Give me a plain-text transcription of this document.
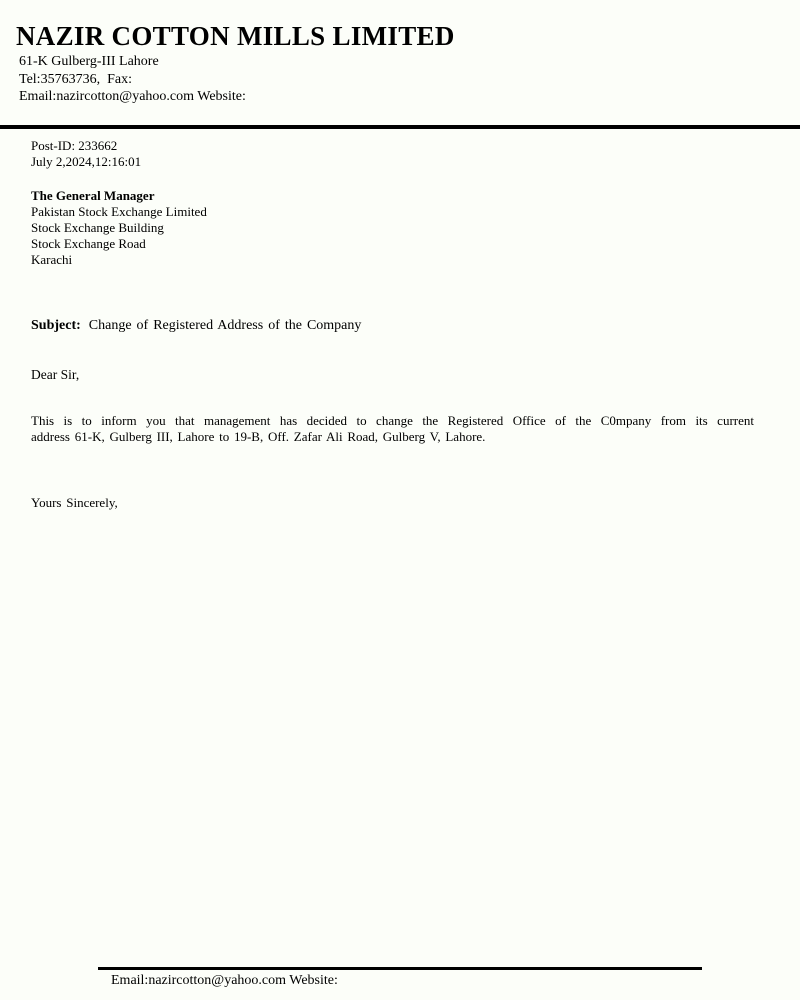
NAZIR COTTON MILLS LIMITED
61-K Gulberg-III Lahore
Tel:35763736,  Fax:
Email:nazircotton@yahoo.com Website:
Post-ID: 233662
July 2,2024,12:16:01
The General Manager
Pakistan Stock Exchange Limited
Stock Exchange Building
Stock Exchange Road
Karachi
Subject: Change of Registered Address of the Company
Dear Sir,
This is to inform you that management has decided to change the Registered Office of the C0mpany from its current
address 61-K, Gulberg III, Lahore to 19-B, Off. Zafar Ali Road, Gulberg V, Lahore.
Yours Sincerely,
Email:nazircotton@yahoo.com Website:
